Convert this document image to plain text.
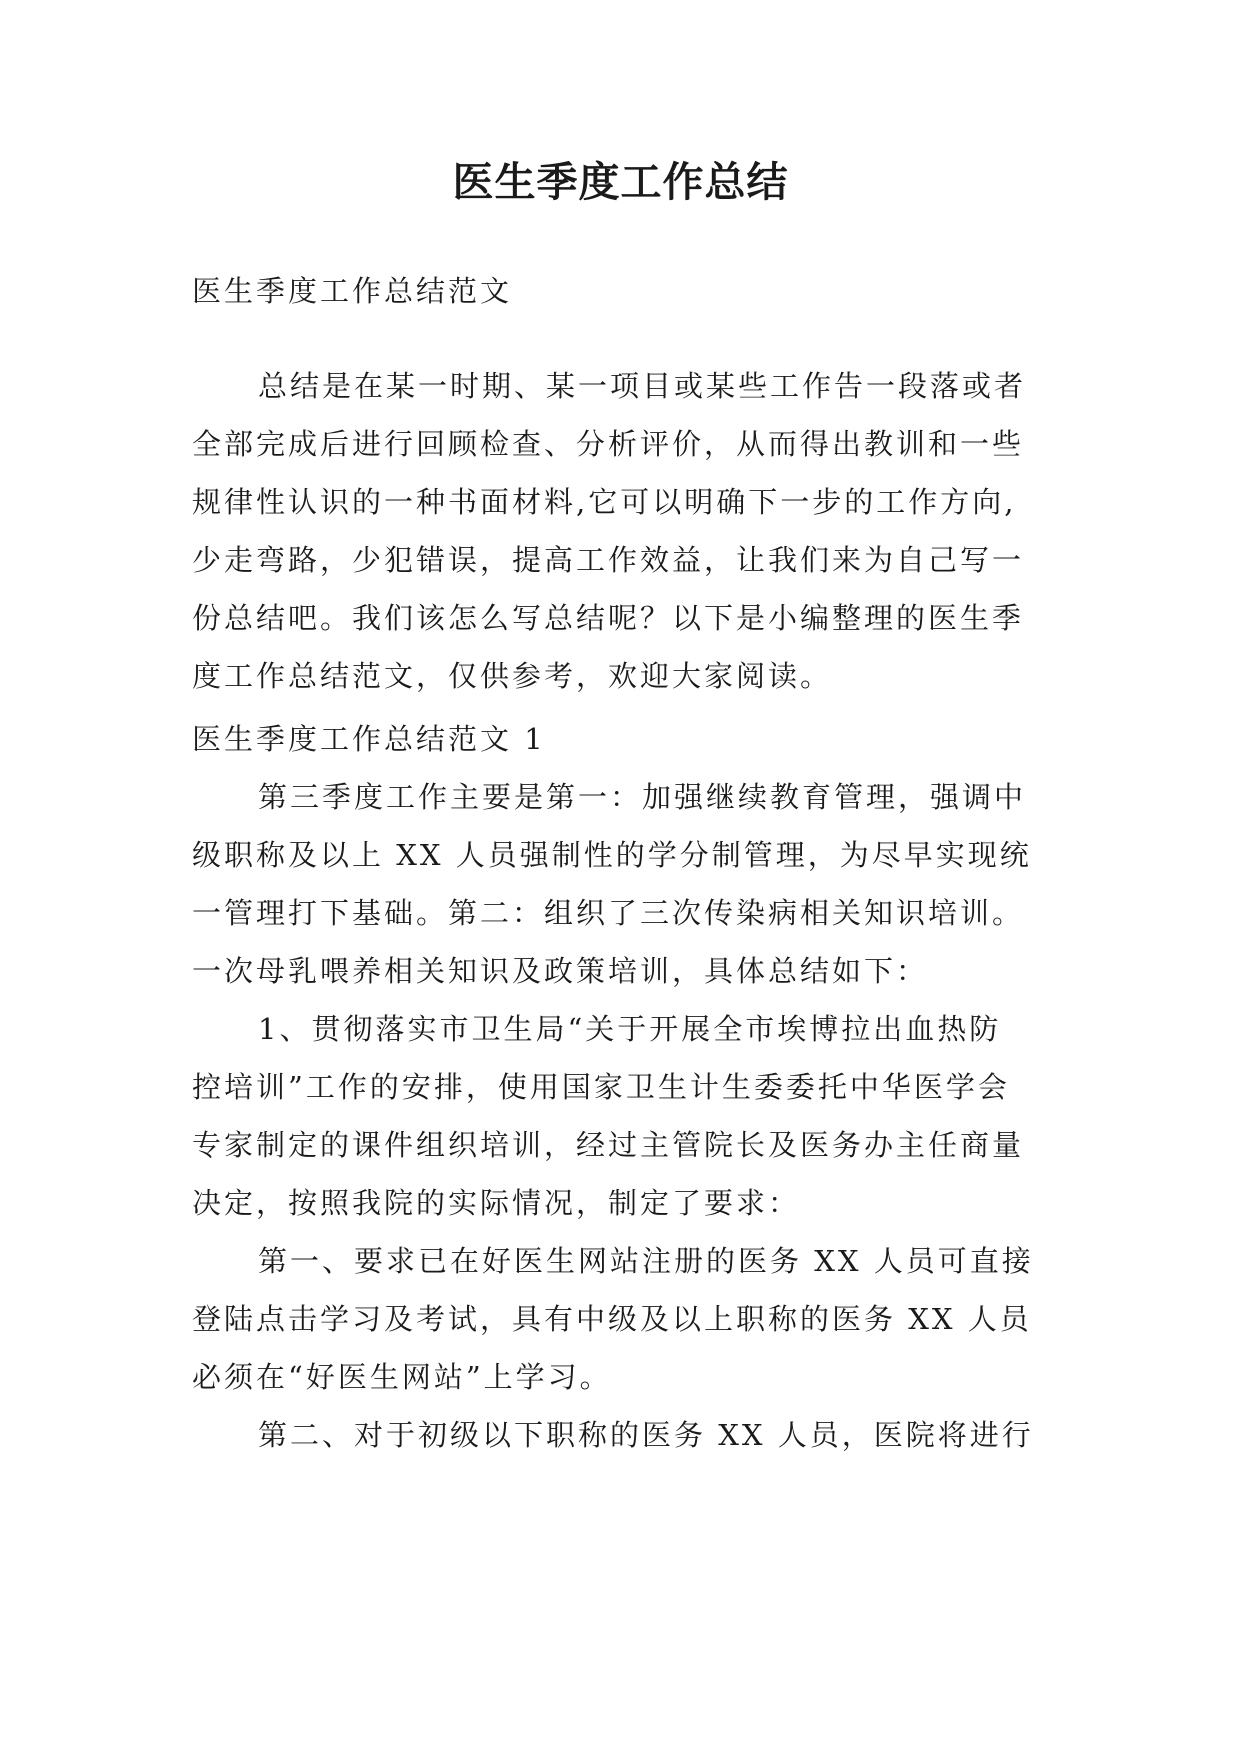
医生季度工作总结
医生季度工作总结范文
总结是在某一时期、某一项目或某些工作告一段落或者
全部完成后进行回顾检查、分析评价，从而得出教训和一些
规律性认识的一种书面材料,它可以明确下一步的工作方向,
少走弯路，少犯错误，提高工作效益，让我们来为自己写一
份总结吧。我们该怎么写总结呢？以下是小编整理的医生季
度工作总结范文，仅供参考，欢迎大家阅读。
医生季度工作总结范文 1
第三季度工作主要是第一：加强继续教育管理，强调中
级职称及以上 XX 人员强制性的学分制管理，为尽早实现统
一管理打下基础。第二：组织了三次传染病相关知识培训。
一次母乳喂养相关知识及政策培训，具体总结如下：
1、贯彻落实市卫生局“关于开展全市埃博拉出血热防
控培训”工作的安排，使用国家卫生计生委委托中华医学会
专家制定的课件组织培训，经过主管院长及医务办主任商量
决定，按照我院的实际情况，制定了要求：
第一、要求已在好医生网站注册的医务 XX 人员可直接
登陆点击学习及考试，具有中级及以上职称的医务 XX 人员
必须在“好医生网站”上学习。
第二、对于初级以下职称的医务 XX 人员，医院将进行
